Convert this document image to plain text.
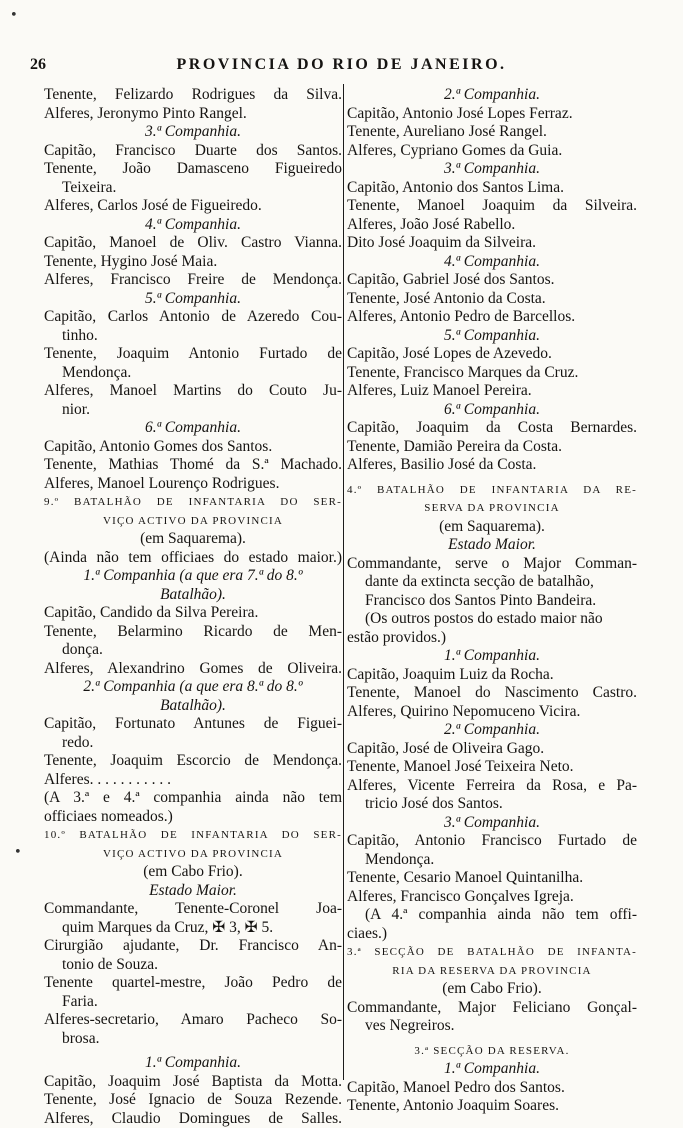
•
•
26	PROVINCIA DO RIO DE JANEIRO.
Tenente, Felizardo Rodrigues da Silva.
Alferes, Jeronymo Pinto Rangel.
3.ª Companhia.
Capitão, Francisco Duarte dos Santos.
Tenente, João Damasceno Figueiredo
Teixeira.
Alferes, Carlos José de Figueiredo.
4.ª Companhia.
Capitão, Manoel de Oliv. Castro Vianna.
Tenente, Hygino José Maia.
Alferes, Francisco Freire de Mendonça.
5.ª Companhia.
Capitão, Carlos Antonio de Azeredo Cou-
tinho.
Tenente, Joaquim Antonio Furtado de
Mendonça.
Alferes, Manoel Martins do Couto Ju-
nior.
6.ª Companhia.
Capitão, Antonio Gomes dos Santos.
Tenente, Mathias Thomé da S.ª Machado.
Alferes, Manoel Lourenço Rodrigues.
9.º BATALHÃO DE INFANTARIA DO SER-
VIÇO ACTIVO DA PROVINCIA
(em Saquarema).
(Ainda não tem officiaes do estado maior.)
1.ª Companhia (a que era 7.ª do 8.º
Batalhão).
Capitão, Candido da Silva Pereira.
Tenente, Belarmino Ricardo de Men-
donça.
Alferes, Alexandrino Gomes de Oliveira.
2.ª Companhia (a que era 8.ª do 8.º
Batalhão).
Capitão, Fortunato Antunes de Figuei-
redo.
Tenente, Joaquim Escorcio de Mendonça.
Alferes. . . . . . . . . . .
(A 3.ª e 4.ª companhia ainda não tem
officiaes nomeados.)
10.º BATALHÃO DE INFANTARIA DO SER-
VIÇO ACTIVO DA PROVINCIA
(em Cabo Frio).
Estado Maior.
Commandante, Tenente-Coronel Joa-
quim Marques da Cruz, ✠ 3, ✠ 5.
Cirurgião ajudante, Dr. Francisco An-
tonio de Souza.
Tenente quartel-mestre, João Pedro de
Faria.
Alferes-secretario, Amaro Pacheco So-
brosa.
1.ª Companhia.
Capitão, Joaquim José Baptista da Motta.
Tenente, José Ignacio de Souza Rezende.
Alferes, Claudio Domingues de Salles.
2.ª Companhia.
Capitão, Antonio José Lopes Ferraz.
Tenente, Aureliano José Rangel.
Alferes, Cypriano Gomes da Guia.
3.ª Companhia.
Capitão, Antonio dos Santos Lima.
Tenente, Manoel Joaquim da Silveira.
Alferes, João José Rabello.
Dito José Joaquim da Silveira.
4.ª Companhia.
Capitão, Gabriel José dos Santos.
Tenente, José Antonio da Costa.
Alferes, Antonio Pedro de Barcellos.
5.ª Companhia.
Capitão, José Lopes de Azevedo.
Tenente, Francisco Marques da Cruz.
Alferes, Luiz Manoel Pereira.
6.ª Companhia.
Capitão, Joaquim da Costa Bernardes.
Tenente, Damião Pereira da Costa.
Alferes, Basilio José da Costa.
4.º BATALHÃO DE INFANTARIA DA RE-
SERVA DA PROVINCIA
(em Saquarema).
Estado Maior.
Commandante, serve o Major Comman-
dante da extincta secção de batalhão,
Francisco dos Santos Pinto Bandeira.
(Os outros postos do estado maior não
estão providos.)
1.ª Companhia.
Capitão, Joaquim Luiz da Rocha.
Tenente, Manoel do Nascimento Castro.
Alferes, Quirino Nepomuceno Vicira.
2.ª Companhia.
Capitão, José de Oliveira Gago.
Tenente, Manoel José Teixeira Neto.
Alferes, Vicente Ferreira da Rosa, e Pa-
tricio José dos Santos.
3.ª Companhia.
Capitão, Antonio Francisco Furtado de
Mendonça.
Tenente, Cesario Manoel Quintanilha.
Alferes, Francisco Gonçalves Igreja.
(A 4.ª companhia ainda não tem offi-
ciaes.)
3.ª SECÇÃO DE BATALHÃO DE INFANTA-
RIA DA RESERVA DA PROVINCIA
(em Cabo Frio).
Commandante, Major Feliciano Gonçal-
ves Negreiros.
3.ª SECÇÃO DA RESERVA.
1.ª Companhia.
Capitão, Manoel Pedro dos Santos.
Tenente, Antonio Joaquim Soares.
